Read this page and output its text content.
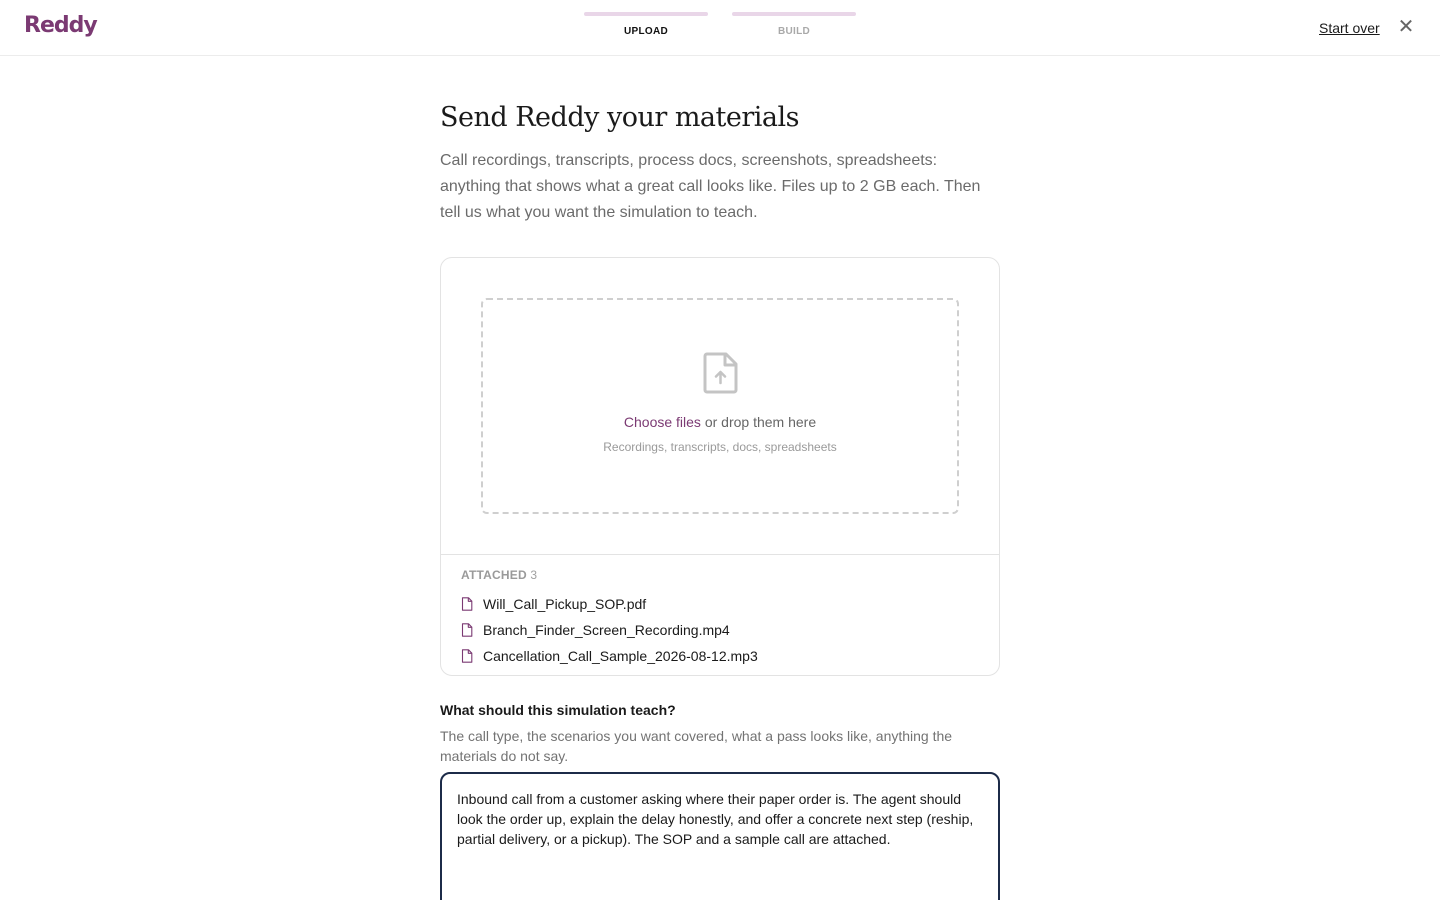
Reddy	UPLOAD	BUILD	Start over ✕
Send Reddy your materials

Call recordings, transcripts, process docs, screenshots, spreadsheets: anything that shows what a great call looks like. Files up to 2 GB each. Then tell us what you want the simulation to teach.

Choose files or drop them here
Recordings, transcripts, docs, spreadsheets
ATTACHED 3
Will_Call_Pickup_SOP.pdf
Branch_Finder_Screen_Recording.mp4
Cancellation_Call_Sample_2026-08-12.mp3
What should this simulation teach?

The call type, the scenarios you want covered, what a pass looks like, anything the materials do not say.

Inbound call from a customer asking where their paper order is. The agent should look the order up, explain the delay honestly, and offer a concrete next step (reship, partial delivery, or a pickup). The SOP and a sample call are attached.
